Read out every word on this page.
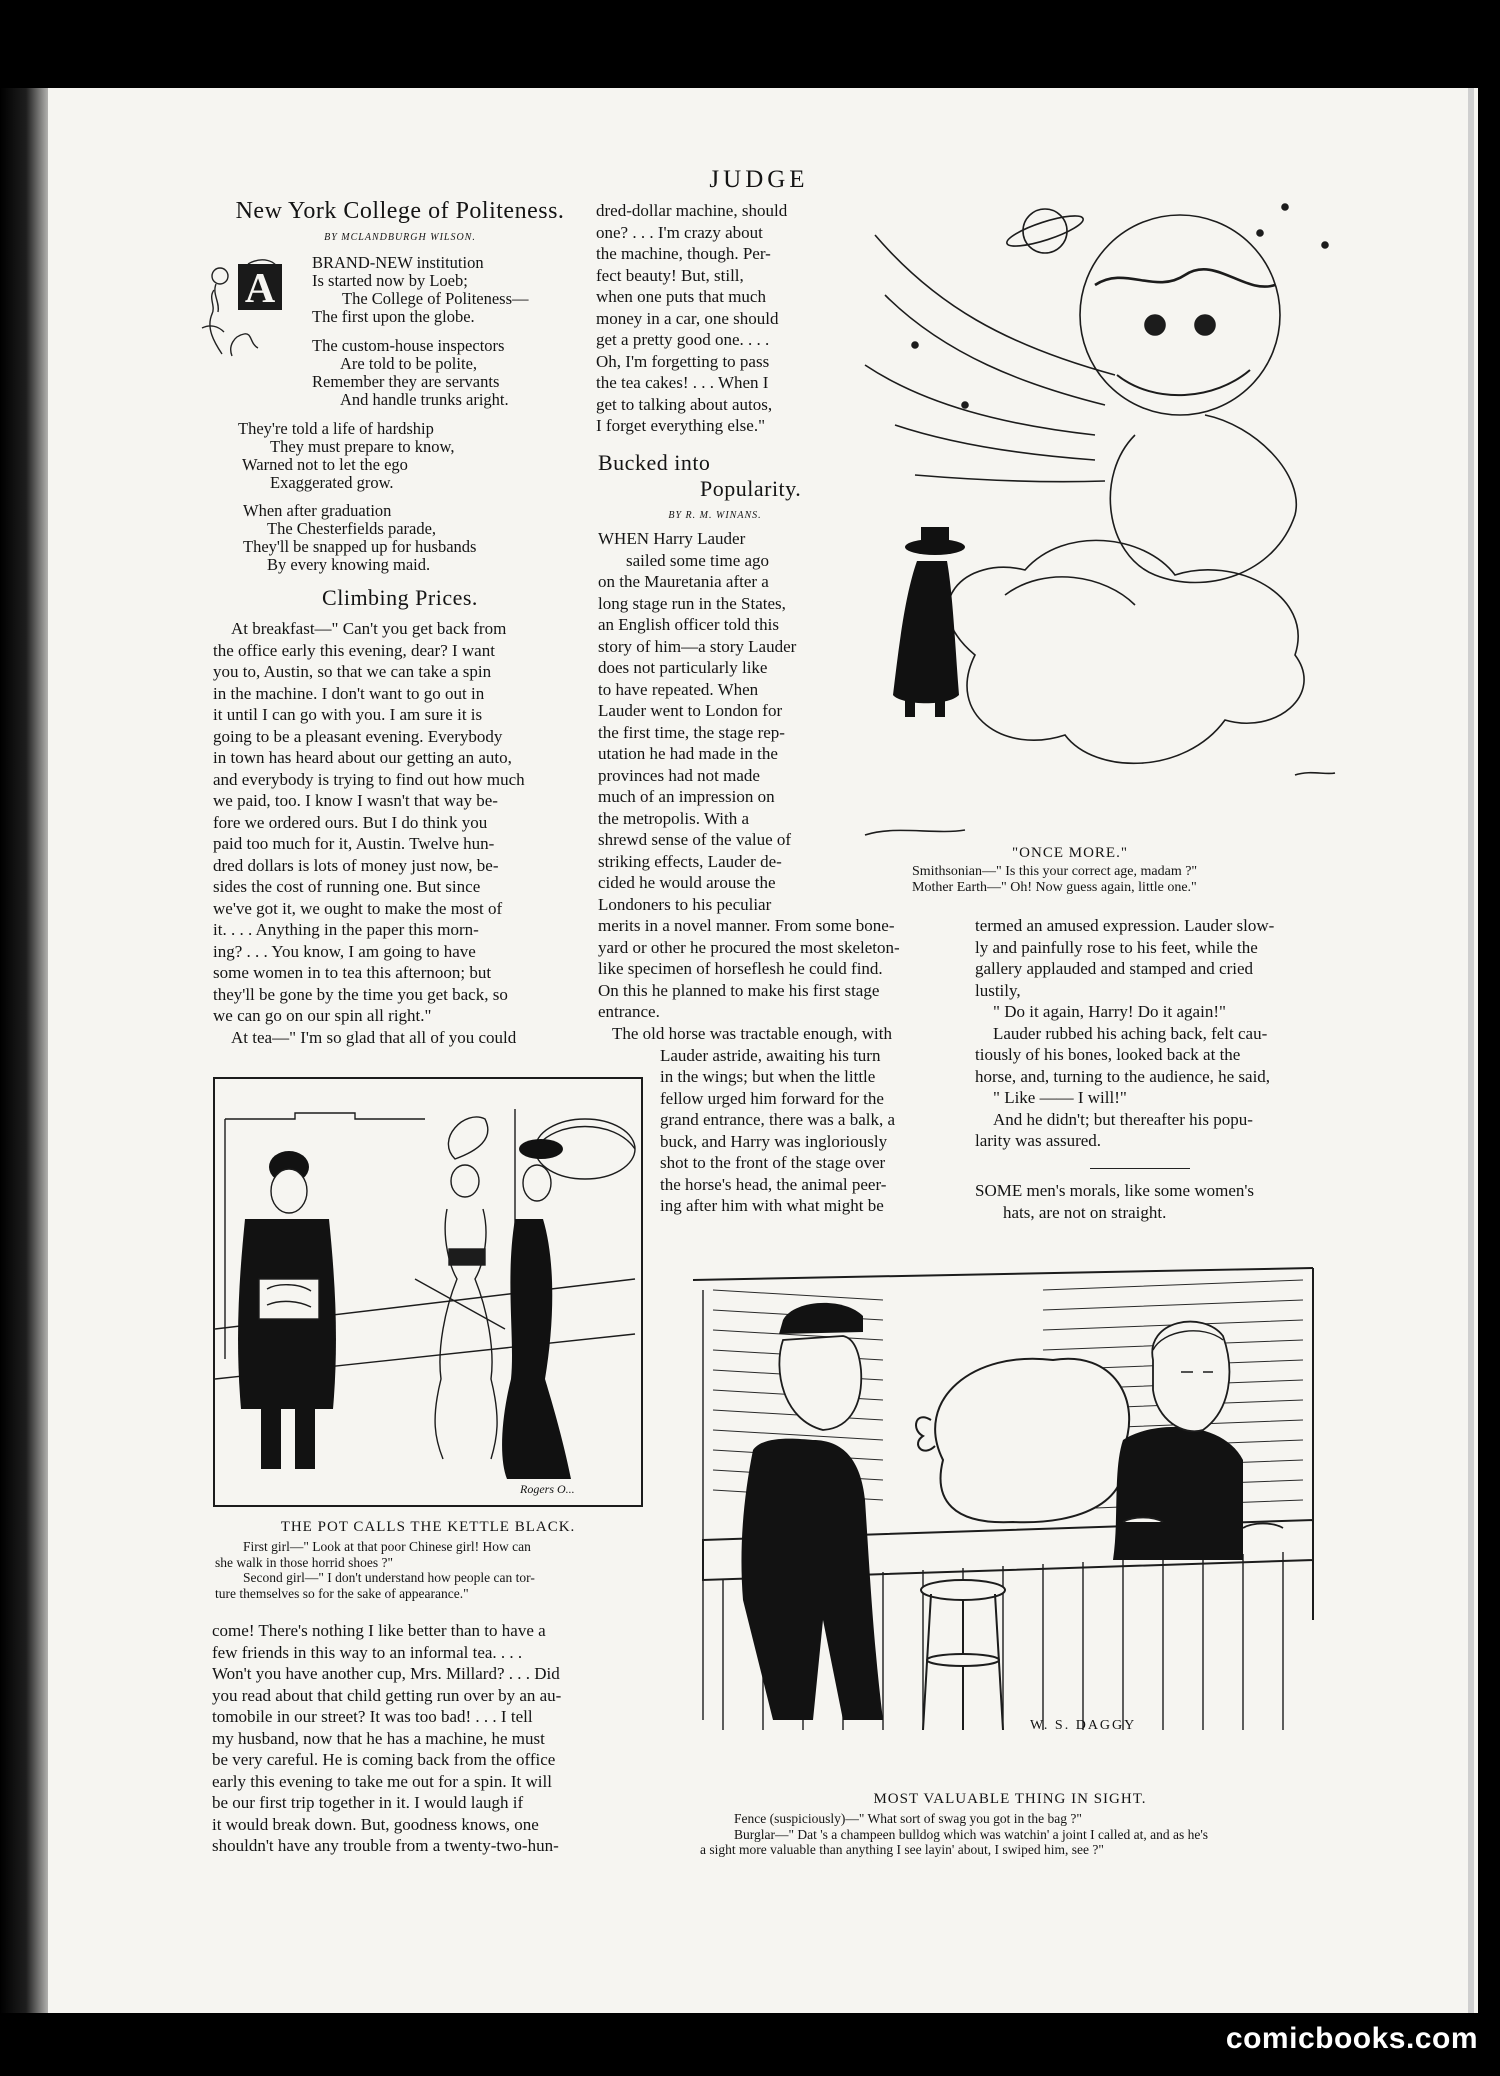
JUDGE
New York College of Politeness.
BY MCLANDBURGH WILSON.
A
BRAND-NEW institution
Is started now by Loeb;
The College of Politeness—
The first upon the globe.
The custom-house inspectors
Are told to be polite,
Remember they are servants
And handle trunks aright.
They're told a life of hardship
They must prepare to know,
Warned not to let the ego
Exaggerated grow.
When after graduation
The Chesterfields parade,
They'll be snapped up for husbands
By every knowing maid.
Climbing Prices.
At breakfast—" Can't you get back from
the office early this evening, dear? I want
you to, Austin, so that we can take a spin
in the machine. I don't want to go out in
it until I can go with you. I am sure it is
going to be a pleasant evening. Everybody
in town has heard about our getting an auto,
and everybody is trying to find out how much
we paid, too. I know I wasn't that way be-
fore we ordered ours. But I do think you
paid too much for it, Austin. Twelve hun-
dred dollars is lots of money just now, be-
sides the cost of running one. But since
we've got it, we ought to make the most of
it. . . . Anything in the paper this morn-
ing? . . . You know, I am going to have
some women in to tea this afternoon; but
they'll be gone by the time you get back, so
we can go on our spin all right."
At tea—" I'm so glad that all of you could
dred-dollar machine, should
one? . . . I'm crazy about
the machine, though. Per-
fect beauty! But, still,
when one puts that much
money in a car, one should
get a pretty good one. . . .
Oh, I'm forgetting to pass
the tea cakes! . . . When I
get to talking about autos,
I forget everything else."
Bucked into
Popularity.
BY R. M. WINANS.
WHEN Harry Lauder
sailed some time ago
on the Mauretania after a
long stage run in the States,
an English officer told this
story of him—a story Lauder
does not particularly like
to have repeated. When
Lauder went to London for
the first time, the stage rep-
utation he had made in the
provinces had not made
much of an impression on
the metropolis. With a
shrewd sense of the value of
striking effects, Lauder de-
cided he would arouse the
Londoners to his peculiar
merits in a novel manner. From some bone-
yard or other he procured the most skeleton-
like specimen of horseflesh he could find.
On this he planned to make his first stage
entrance.
The old horse was tractable enough, with
Lauder astride, awaiting his turn
in the wings; but when the little
fellow urged him forward for the
grand entrance, there was a balk, a
buck, and Harry was ingloriously
shot to the front of the stage over
the horse's head, the animal peer-
ing after him with what might be
termed an amused expression. Lauder slow-
ly and painfully rose to his feet, while the
gallery applauded and stamped and cried
lustily,
" Do it again, Harry! Do it again!"
Lauder rubbed his aching back, felt cau-
tiously of his bones, looked back at the
horse, and, turning to the audience, he said,
" Like —— I will!"
And he didn't; but thereafter his popu-
larity was assured.
SOME men's morals, like some women's
hats, are not on straight.
"ONCE MORE."
Smithsonian—" Is this your correct age, madam ?"
Mother Earth—" Oh! Now guess again, little one."
Rogers O...
THE POT CALLS THE KETTLE BLACK.
First girl—" Look at that poor Chinese girl! How can
she walk in those horrid shoes ?"
Second girl—" I don't understand how people can tor-
ture themselves so for the sake of appearance."
come! There's nothing I like better than to have a
few friends in this way to an informal tea. . . .
Won't you have another cup, Mrs. Millard? . . . Did
you read about that child getting run over by an au-
tomobile in our street? It was too bad! . . . I tell
my husband, now that he has a machine, he must
be very careful. He is coming back from the office
early this evening to take me out for a spin. It will
be our first trip together in it. I would laugh if
it would break down. But, goodness knows, one
shouldn't have any trouble from a twenty-two-hun-
W. S. DAGGY
MOST VALUABLE THING IN SIGHT.
Fence (suspiciously)—" What sort of swag you got in the bag ?"
Burglar—" Dat 's a champeen bulldog which was watchin' a joint I called at, and as he's
a sight more valuable than anything I see layin' about, I swiped him, see ?"
comicbooks.com
